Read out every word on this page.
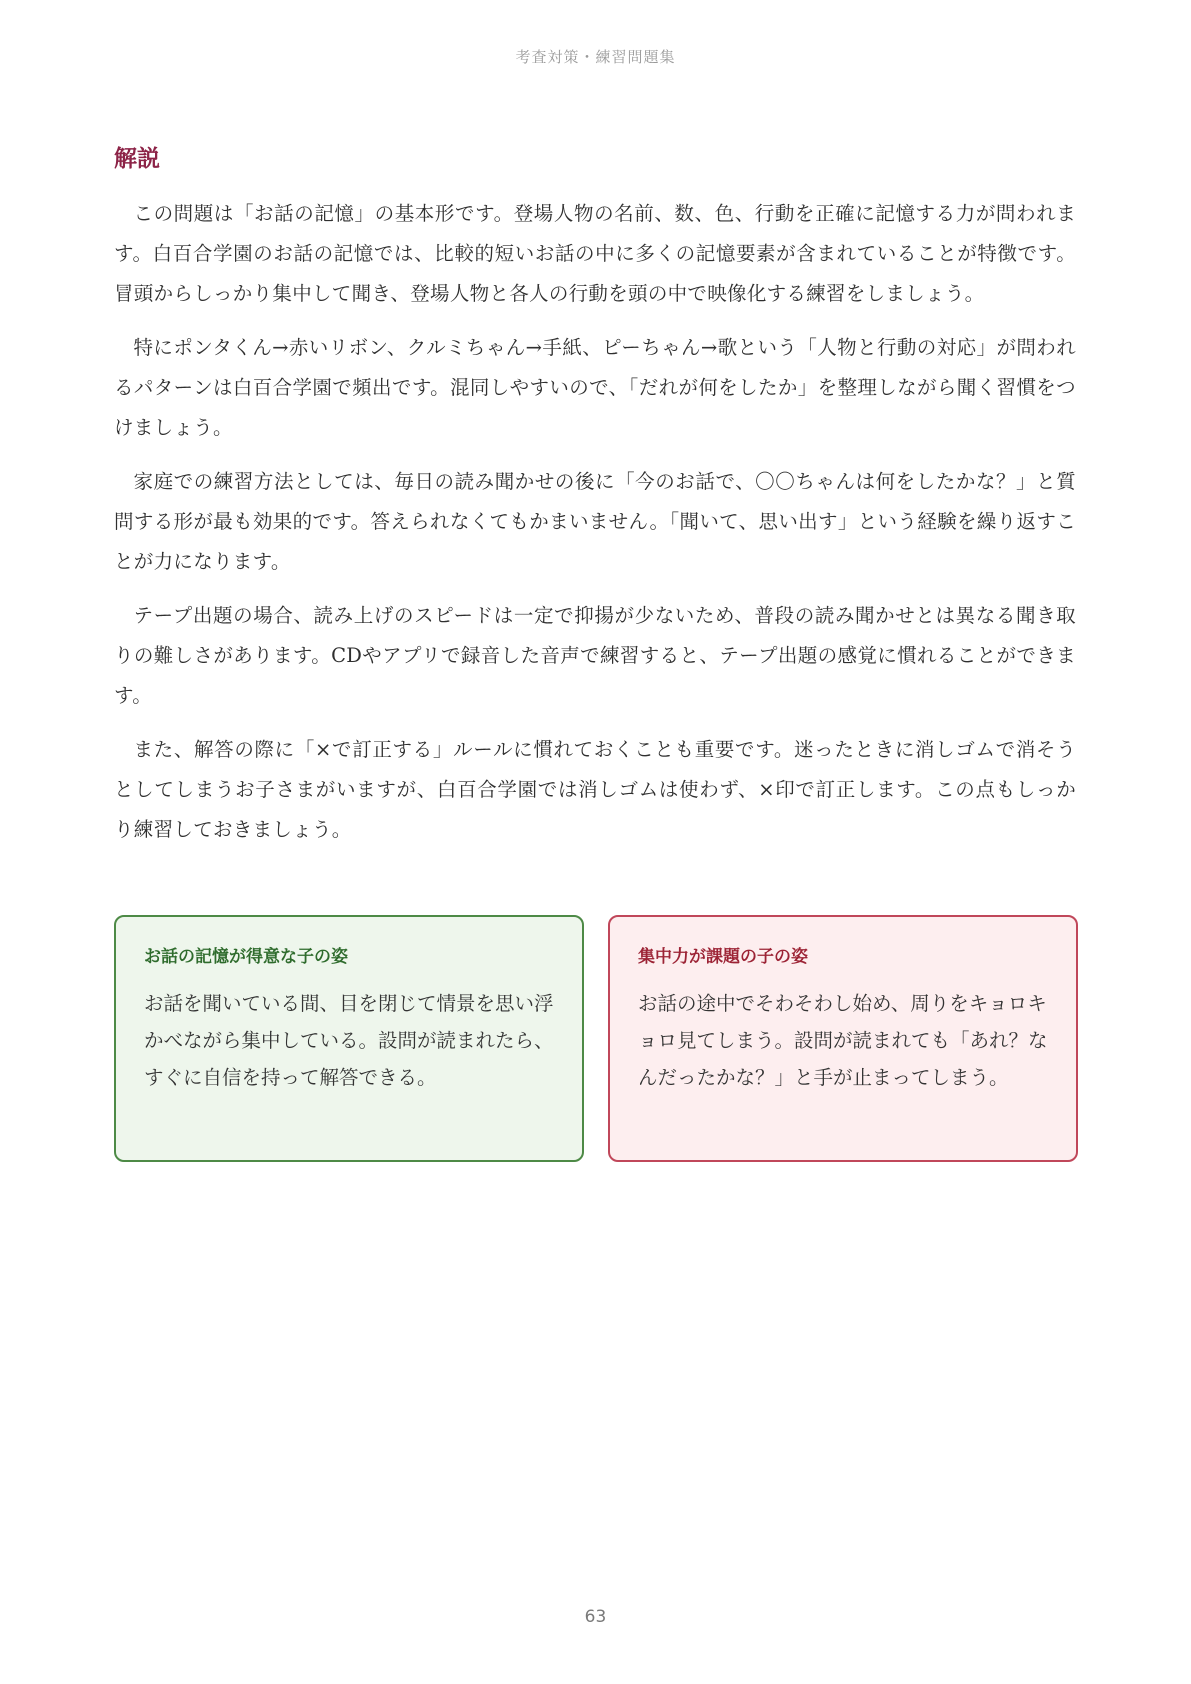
考査対策・練習問題集
解説

この問題は「お話の記憶」の基本形です。登場人物の名前、数、色、行動を正確に記憶する力が問われます。白百合学園のお話の記憶では、比較的短いお話の中に多くの記憶要素が含まれていることが特徴です。冒頭からしっかり集中して聞き、登場人物と各人の行動を頭の中で映像化する練習をしましょう。

特にポンタくん→赤いリボン、クルミちゃん→手紙、ピーちゃん→歌という「人物と行動の対応」が問われるパターンは白百合学園で頻出です。混同しやすいので、「だれが何をしたか」を整理しながら聞く習慣をつけましょう。

家庭での練習方法としては、毎日の読み聞かせの後に「今のお話で、〇〇ちゃんは何をしたかな？」と質問する形が最も効果的です。答えられなくてもかまいません。「聞いて、思い出す」という経験を繰り返すことが力になります。

テープ出題の場合、読み上げのスピードは一定で抑揚が少ないため、普段の読み聞かせとは異なる聞き取りの難しさがあります。CDやアプリで録音した音声で練習すると、テープ出題の感覚に慣れることができます。

また、解答の際に「×で訂正する」ルールに慣れておくことも重要です。迷ったときに消しゴムで消そうとしてしまうお子さまがいますが、白百合学園では消しゴムは使わず、×印で訂正します。この点もしっかり練習しておきましょう。

お話の記憶が得意な子の姿

お話を聞いている間、目を閉じて情景を思い浮かべながら集中している。設問が読まれたら、すぐに自信を持って解答できる。

集中力が課題の子の姿

お話の途中でそわそわし始め、周りをキョロキョロ見てしまう。設問が読まれても「あれ？なんだったかな？」と手が止まってしまう。

63
